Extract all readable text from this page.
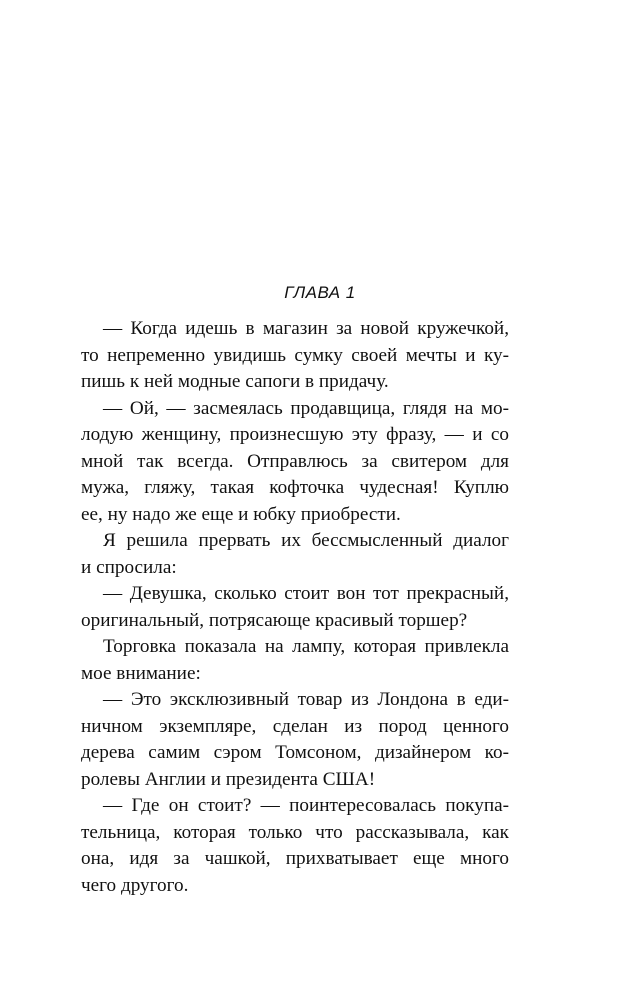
ГЛАВА 1
— Когда идешь в магазин за новой кружечкой,
то непременно увидишь сумку своей мечты и ку-
пишь к ней модные сапоги в придачу.
— Ой, — засмеялась продавщица, глядя на мо-
лодую женщину, произнесшую эту фразу, — и со
мной так всегда. Отправлюсь за свитером для
мужа, гляжу, такая кофточка чудесная! Куплю
ее, ну надо же еще и юбку приобрести.
Я решила прервать их бессмысленный диалог
и спросила:
— Девушка, сколько стоит вон тот прекрасный,
оригинальный, потрясающе красивый торшер?
Торговка показала на лампу, которая привлекла
мое внимание:
— Это эксклюзивный товар из Лондона в еди-
ничном экземпляре, сделан из пород ценного
дерева самим сэром Томсоном, дизайнером ко-
ролевы Англии и президента США!
— Где он стоит? — поинтересовалась покупа-
тельница, которая только что рассказывала, как
она, идя за чашкой, прихватывает еще много
чего другого.
